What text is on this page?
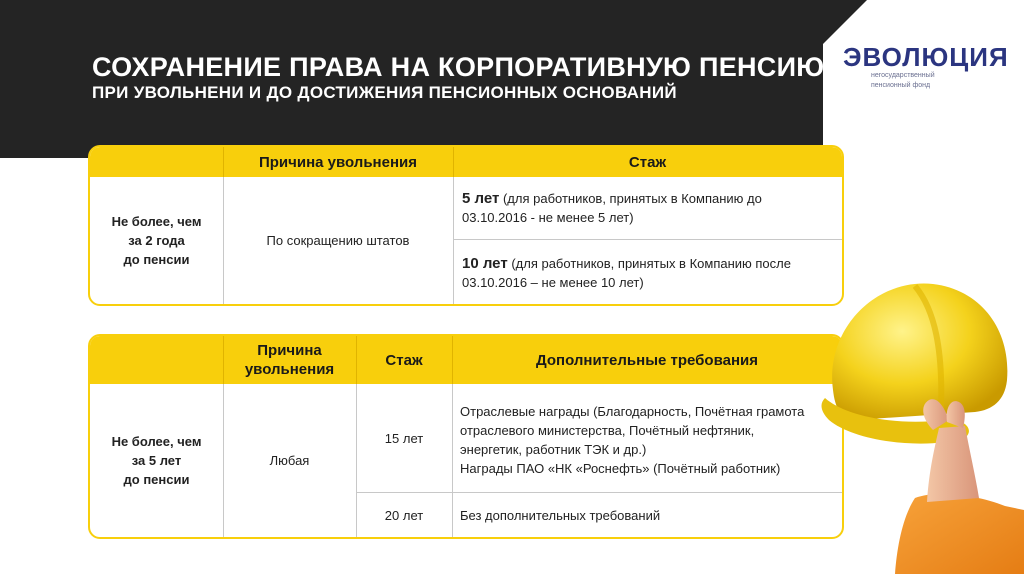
СОХРАНЕНИЕ ПРАВА НА КОРПОРАТИВНУЮ ПЕНСИЮ
ПРИ УВОЛЬНЕНИ И ДО ДОСТИЖЕНИЯ ПЕНСИОННЫХ ОСНОВАНИЙ
ЭВОЛЮЦИЯ
негосударственный
пенсионный фонд
Причина увольнения	Стаж
Не более, чем
за 2 года
до пенсии
По сокращению штатов
5 лет (для работников, принятых в Компанию до
03.10.2016 - не менее 5 лет)
10 лет (для работников, принятых в Компанию после
03.10.2016 – не менее 10 лет)
Причина
увольнения
Стаж	Дополнительные требования
Не более, чем
за 5 лет
до пенсии
Любая
15 лет
20 лет
Отраслевые награды (Благодарность, Почётная грамота
отраслевого министерства, Почётный нефтяник,
энергетик, работник ТЭК и др.)
Награды ПАО «НК «Роснефть» (Почётный работник)
Без дополнительных требований
